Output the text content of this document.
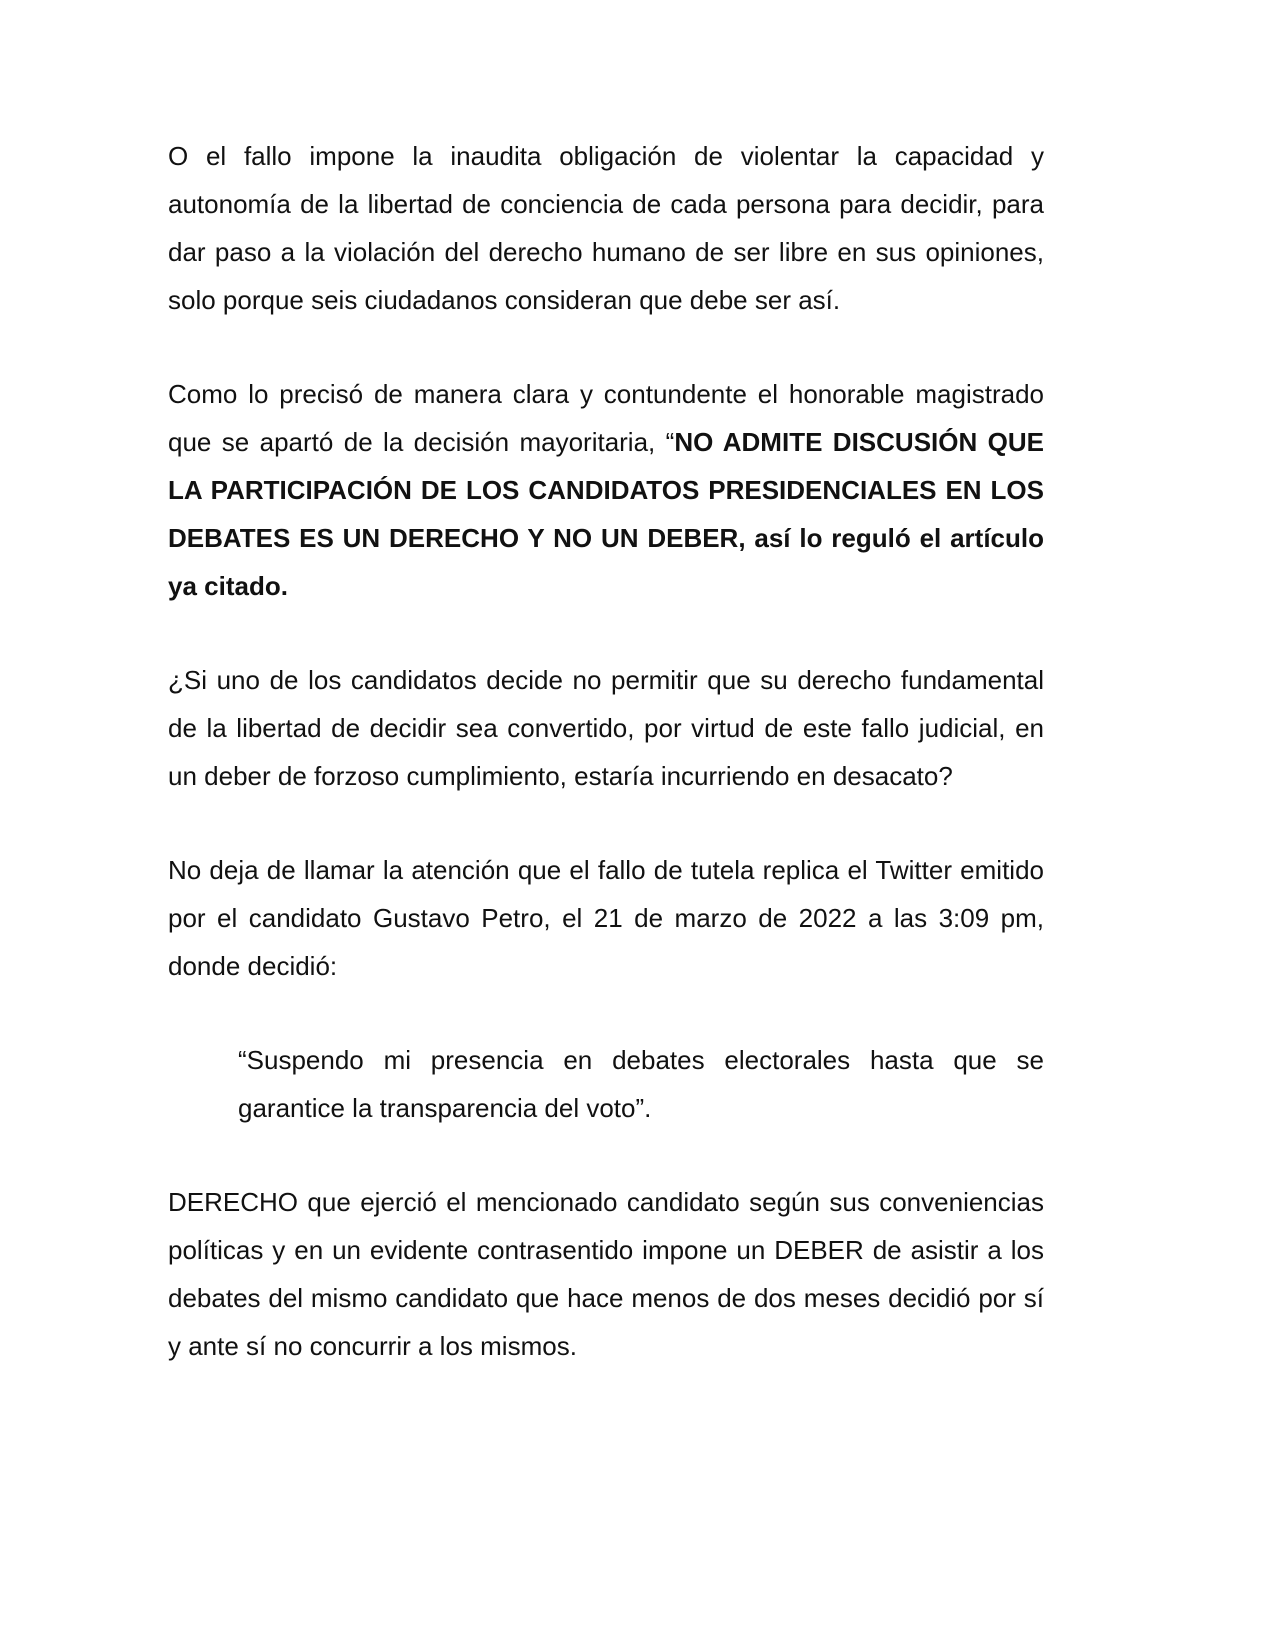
O el fallo impone la inaudita obligación de violentar la capacidad y autonomía de la libertad de conciencia de cada persona para decidir, para dar paso a la violación del derecho humano de ser libre en sus opiniones, solo porque seis ciudadanos consideran que debe ser así.

Como lo precisó de manera clara y contundente el honorable magistrado que se apartó de la decisión mayoritaria, “NO ADMITE DISCUSIÓN QUE LA PARTICIPACIÓN DE LOS CANDIDATOS PRESIDENCIALES EN LOS DEBATES ES UN DERECHO Y NO UN DEBER, así lo reguló el artículo ya citado.

¿Si uno de los candidatos decide no permitir que su derecho fundamental de la libertad de decidir sea convertido, por virtud de este fallo judicial, en un deber de forzoso cumplimiento, estaría incurriendo en desacato?

No deja de llamar la atención que el fallo de tutela replica el Twitter emitido por el candidato Gustavo Petro, el 21 de marzo de 2022 a las 3:09 pm, donde decidió:

“Suspendo mi presencia en debates electorales hasta que se garantice la transparencia del voto”.

DERECHO que ejerció el mencionado candidato según sus conveniencias políticas y en un evidente contrasentido impone un DEBER de asistir a los debates del mismo candidato que hace menos de dos meses decidió por sí y ante sí no concurrir a los mismos.
